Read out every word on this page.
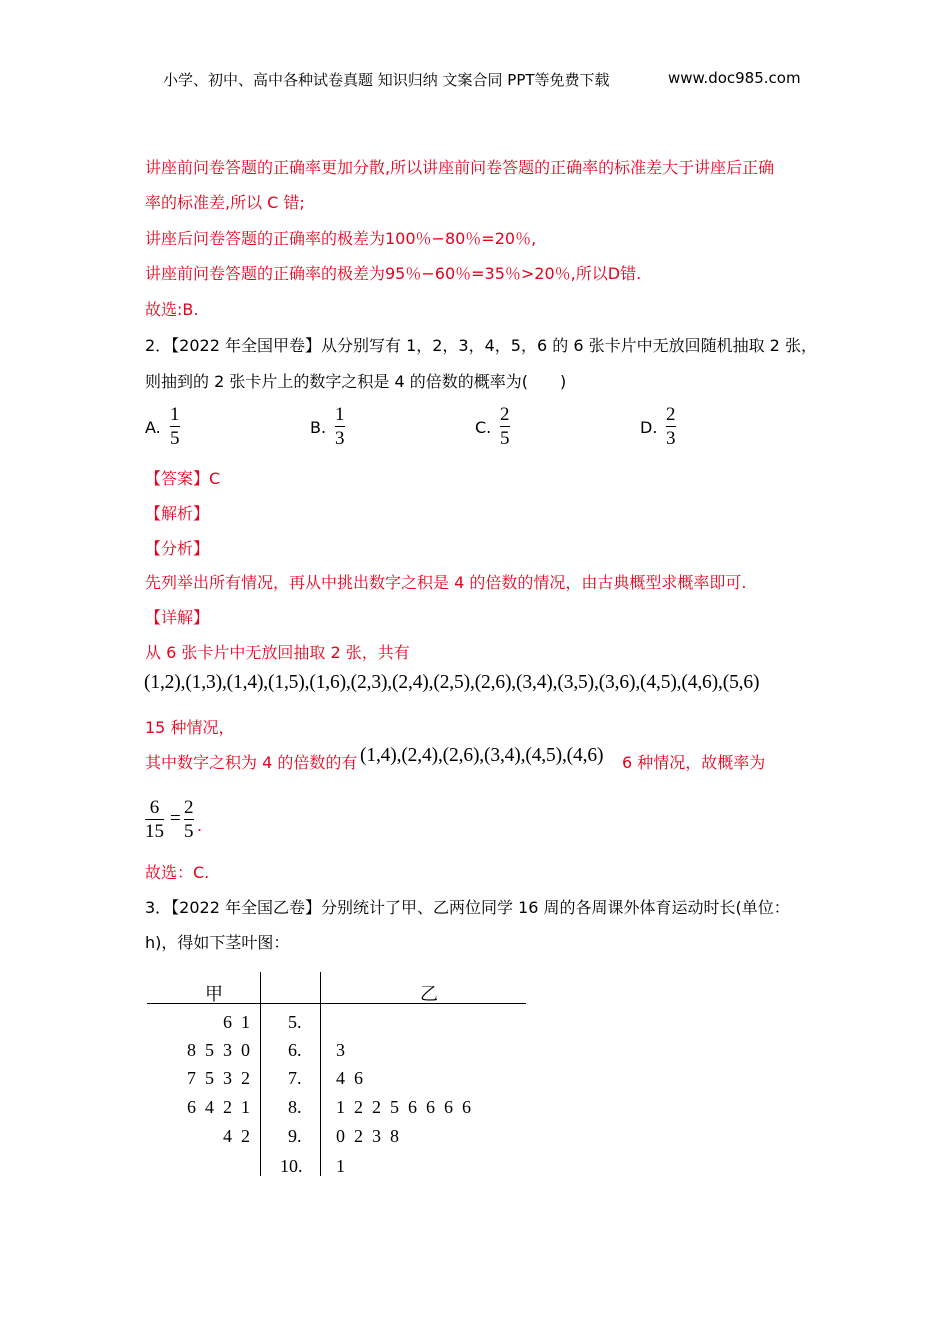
小学、初中、高中各种试卷真题 知识归纳 文案合同 PPT等免费下载	www.doc985.com
讲座前问卷答题的正确率更加分散,所以讲座前问卷答题的正确率的标准差大于讲座后正确
率的标准差,所以 C 错;
讲座后问卷答题的正确率的极差为100％−80％=20％,
讲座前问卷答题的正确率的极差为95％−60％=35％>20％,所以D错.
故选:B.
2．【2022 年全国甲卷】从分别写有 1，2，3，4，5，6 的 6 张卡片中无放回随机抽取 2 张，
则抽到的 2 张卡片上的数字之积是 4 的倍数的概率为(　　)
A.
1
5
B.
1
3
C.
2
5
D.
2
3
【答案】C
【解析】
【分析】
先列举出所有情况，再从中挑出数字之积是 4 的倍数的情况，由古典概型求概率即可.
【详解】
从 6 张卡片中无放回抽取 2 张，共有
(1,2),(1,3),(1,4),(1,5),(1,6),(2,3),(2,4),(2,5),(2,6),(3,4),(3,5),(3,6),(4,5),(4,6),(5,6)
15 种情况，
其中数字之积为 4 的倍数的有 (1,4),(2,4),(2,6),(3,4),(4,5),(4,6) 6 种情况，故概率为
6
15
=
2
5 .
故选：C.
3．【2022 年全国乙卷】分别统计了甲、乙两位同学 16 周的各周课外体育运动时长(单位：
h)，得如下茎叶图：
甲	乙
6  1 5.
8  5  3  0 6. 3
7  5  3  2 7. 4  6
6  4  2  1 8. 1  2  2  5  6  6  6  6
4  2 9. 0  2  3  8
10. 1
